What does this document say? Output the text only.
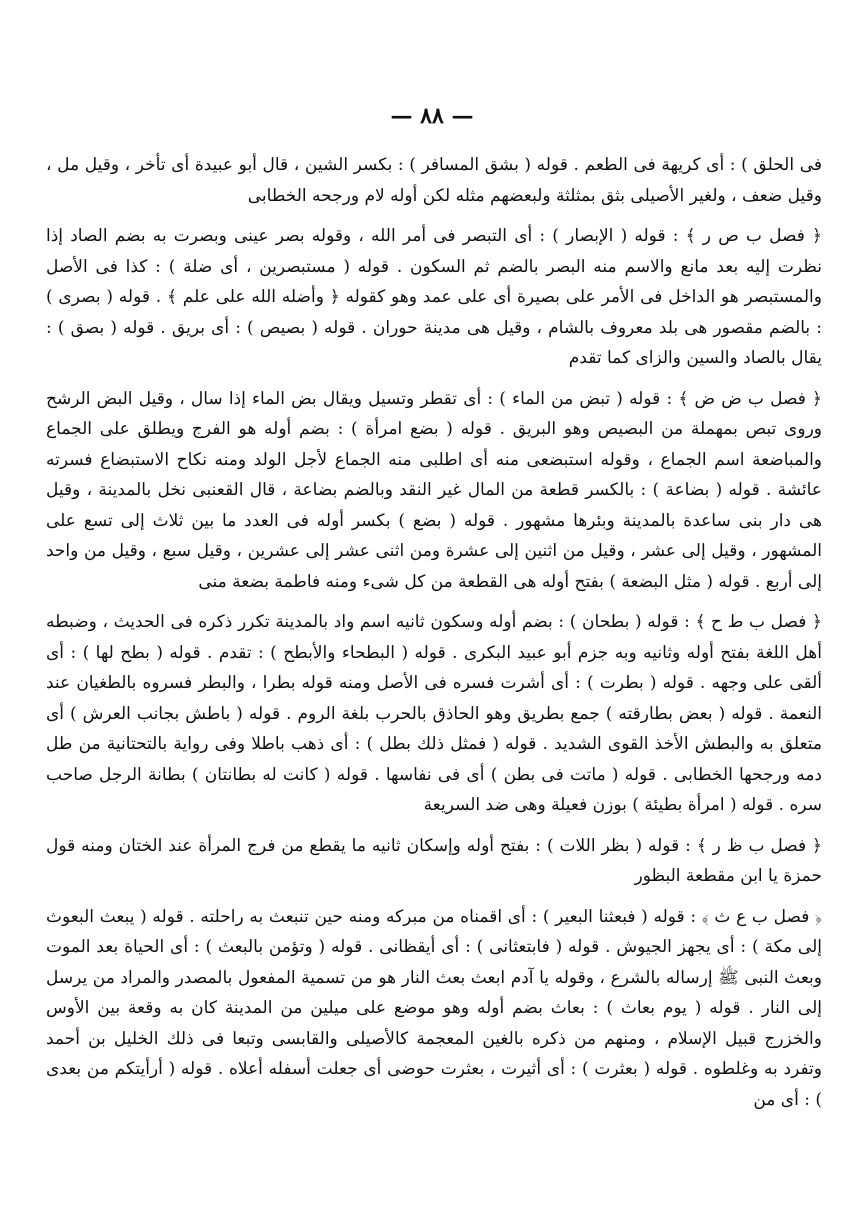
— ٨٨ —

فى الحلق ) : أى كريهة فى الطعم . قوله ( بشق المسافر ) : بكسر الشين ، قال أبو عبيدة أى تأخر ، وقيل مل ، وقيل ضعف ، ولغير الأصيلى بثق بمثلثة ولبعضهم مثله لكن أوله لام ورجحه الخطابى

﴿ فصل ب ص ر ﴾ : قوله ( الإبصار ) : أى التبصر فى أمر الله ، وقوله بصر عينى وبصرت به بضم الصاد إذا نظرت إليه بعد مانع والاسم منه البصر بالضم ثم السكون . قوله ( مستبصرين ، أى ضلة ) : كذا فى الأصل والمستبصر هو الداخل فى الأمر على بصيرة أى على عمد وهو كقوله ﴿ وأضله الله على علم ﴾ . قوله ( بصرى ) : بالضم مقصور هى بلد معروف بالشام ، وقيل هى مدينة حوران . قوله ( بصيص ) : أى بريق . قوله ( بصق ) : يقال بالصاد والسين والزاى كما تقدم

﴿ فصل ب ض ض ﴾ : قوله ( تبض من الماء ) : أى تقطر وتسيل ويقال بض الماء إذا سال ، وقيل البض الرشح وروى تبص بمهملة من البصيص وهو البريق . قوله ( بضع امرأة ) : بضم أوله هو الفرج ويطلق على الجماع والمباضعة اسم الجماع ، وقوله استبضعى منه أى اطلبى منه الجماع لأجل الولد ومنه نكاح الاستبضاع فسرته عائشة . قوله ( بضاعة ) : بالكسر قطعة من المال غير النقد وبالضم بضاعة ، قال القعنبى نخل بالمدينة ، وقيل هى دار بنى ساعدة بالمدينة وبئرها مشهور . قوله ( بضع ) بكسر أوله فى العدد ما بين ثلاث إلى تسع على المشهور ، وقيل إلى عشر ، وقيل من اثنين إلى عشرة ومن اثنى عشر إلى عشرين ، وقيل سبع ، وقيل من واحد إلى أربع . قوله ( مثل البضعة ) بفتح أوله هى القطعة من كل شىء ومنه فاطمة بضعة منى

﴿ فصل ب ط ح ﴾ : قوله ( بطحان ) : بضم أوله وسكون ثانيه اسم واد بالمدينة تكرر ذكره فى الحديث ، وضبطه أهل اللغة بفتح أوله وثانيه وبه جزم أبو عبيد البكرى . قوله ( البطحاء والأبطح ) : تقدم . قوله ( بطح لها ) : أى ألقى على وجهه . قوله ( بطرت ) : أى أشرت فسره فى الأصل ومنه قوله بطرا ، والبطر فسروه بالطغيان عند النعمة . قوله ( بعض بطارقته ) جمع بطريق وهو الحاذق بالحرب بلغة الروم . قوله ( باطش بجانب العرش ) أى متعلق به والبطش الأخذ القوى الشديد . قوله ( فمثل ذلك بطل ) : أى ذهب باطلا وفى رواية بالتحتانية من طل دمه ورجحها الخطابى . قوله ( ماتت فى بطن ) أى فى نفاسها . قوله ( كانت له بطانتان ) بطانة الرجل صاحب سره . قوله ( امرأة بطيئة ) بوزن فعيلة وهى ضد السريعة

﴿ فصل ب ظ ر ﴾ : قوله ( بظر اللات ) : بفتح أوله وإسكان ثانيه ما يقطع من فرج المرأة عند الختان ومنه قول حمزة يا ابن مقطعة البظور

﴿ فصل ب ع ث ﴾ : قوله ( فبعثنا البعير ) : أى اقمناه من مبركه ومنه حين تنبعث به راحلته . قوله ( يبعث البعوث إلى مكة ) : أى يجهز الجيوش . قوله ( فابتعثانى ) : أى أيقظانى . قوله ( وتؤمن بالبعث ) : أى الحياة بعد الموت وبعث النبى ﷺ إرساله بالشرع ، وقوله يا آدم ابعث بعث النار هو من تسمية المفعول بالمصدر والمراد من يرسل إلى النار . قوله ( يوم بعاث ) : بعاث بضم أوله وهو موضع على ميلين من المدينة كان به وقعة بين الأوس والخزرج قبيل الإسلام ، ومنهم من ذكره بالغين المعجمة كالأصيلى والقابسى وتبعا فى ذلك الخليل بن أحمد وتفرد به وغلطوه . قوله ( بعثرت ) : أى أثيرت ، بعثرت حوضى أى جعلت أسفله أعلاه . قوله ( أرأيتكم من بعدى ) : أى من
